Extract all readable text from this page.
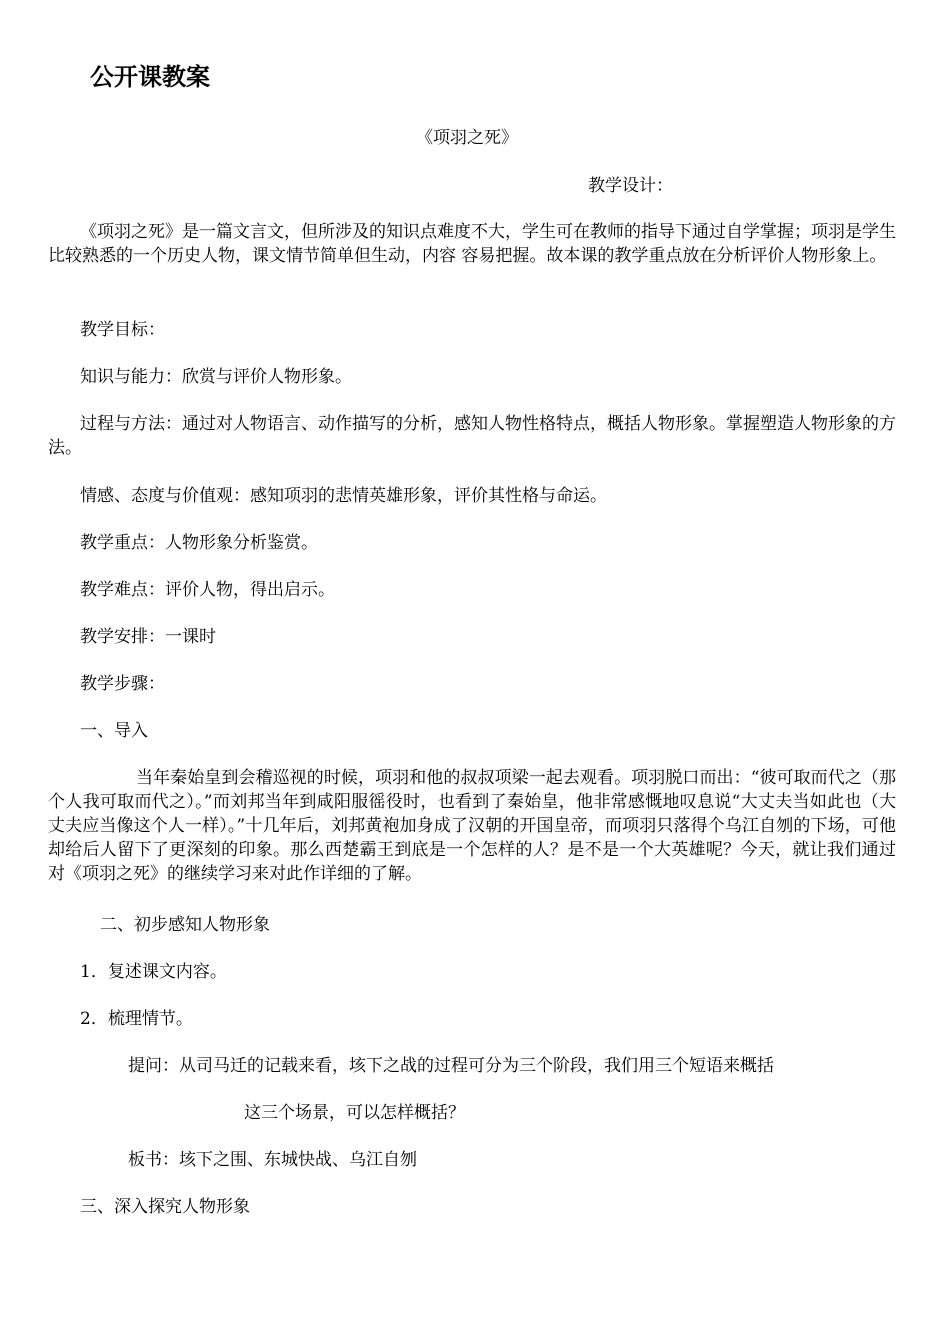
公开课教案
《项羽之死》
教学设计：
《项羽之死》是一篇文言文，但所涉及的知识点难度不大，学生可在教师的指导下通过自学掌握；项羽是学生比较熟悉的一个历史人物，课文情节简单但生动，内容 容易把握。故本课的教学重点放在分析评价人物形象上。
教学目标：
知识与能力：欣赏与评价人物形象。
过程与方法：通过对人物语言、动作描写的分析，感知人物性格特点，概括人物形象。掌握塑造人物形象的方法。
情感、态度与价值观：感知项羽的悲情英雄形象，评价其性格与命运。
教学重点：人物形象分析鉴赏。
教学难点：评价人物，得出启示。
教学安排：一课时
教学步骤：
一、导入
当年秦始皇到会稽巡视的时候，项羽和他的叔叔项梁一起去观看。项羽脱口而出：“彼可取而代之（那个人我可取而代之）。”而刘邦当年到咸阳服徭役时，也看到了秦始皇，他非常感慨地叹息说“大丈夫当如此也（大丈夫应当像这个人一样）。”十几年后，刘邦黄袍加身成了汉朝的开国皇帝，而项羽只落得个乌江自刎的下场，可他却给后人留下了更深刻的印象。那么西楚霸王到底是一个怎样的人？是不是一个大英雄呢？今天，就让我们通过对《项羽之死》的继续学习来对此作详细的了解。
二、初步感知人物形象
1．复述课文内容。
2．梳理情节。
提问：从司马迁的记载来看，垓下之战的过程可分为三个阶段，我们用三个短语来概括
这三个场景，可以怎样概括？
板书：垓下之围、东城快战、乌江自刎
三、深入探究人物形象
